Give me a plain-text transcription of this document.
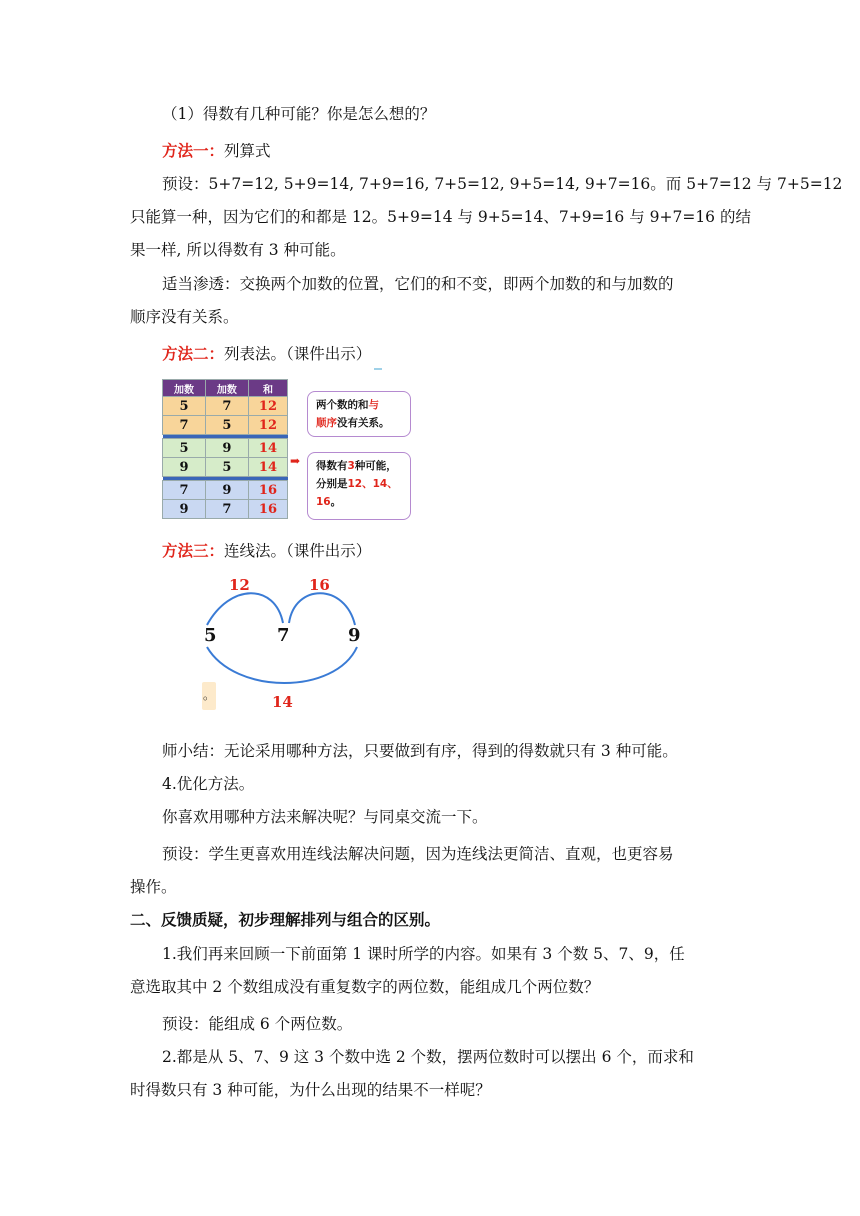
（1）得数有几种可能？你是怎么想的？
方法一：列算式
预设：5+7=12, 5+9=14, 7+9=16, 7+5=12, 9+5=14, 9+7=16。而 5+7=12 与 7+5=12
只能算一种，因为它们的和都是 12。5+9=14 与 9+5=14、7+9=16 与 9+7=16 的结
果一样, 所以得数有 3 种可能。
适当渗透：交换两个加数的位置，它们的和不变，即两个加数的和与加数的
顺序没有关系。
方法二：列表法。（课件出示）
加数	加数	和
5	7	12
7	5	12

5	9	14
9	5	14

7	9	16
9	7	16
➡
两个数的和与
顺序没有关系。
得数有3种可能，
分别是12、14、
16。
方法三：连线法。（课件出示）
5	7	9
12	16
14
。
师小结：无论采用哪种方法，只要做到有序，得到的得数就只有 3 种可能。
4.优化方法。
你喜欢用哪种方法来解决呢？与同桌交流一下。
预设：学生更喜欢用连线法解决问题，因为连线法更简洁、直观，也更容易
操作。
二、反馈质疑，初步理解排列与组合的区别。
1.我们再来回顾一下前面第 1 课时所学的内容。如果有 3 个数 5、7、9，任
意选取其中 2 个数组成没有重复数字的两位数，能组成几个两位数？
预设：能组成 6 个两位数。
2.都是从 5、7、9 这 3 个数中选 2 个数，摆两位数时可以摆出 6 个，而求和
时得数只有 3 种可能，为什么出现的结果不一样呢？
